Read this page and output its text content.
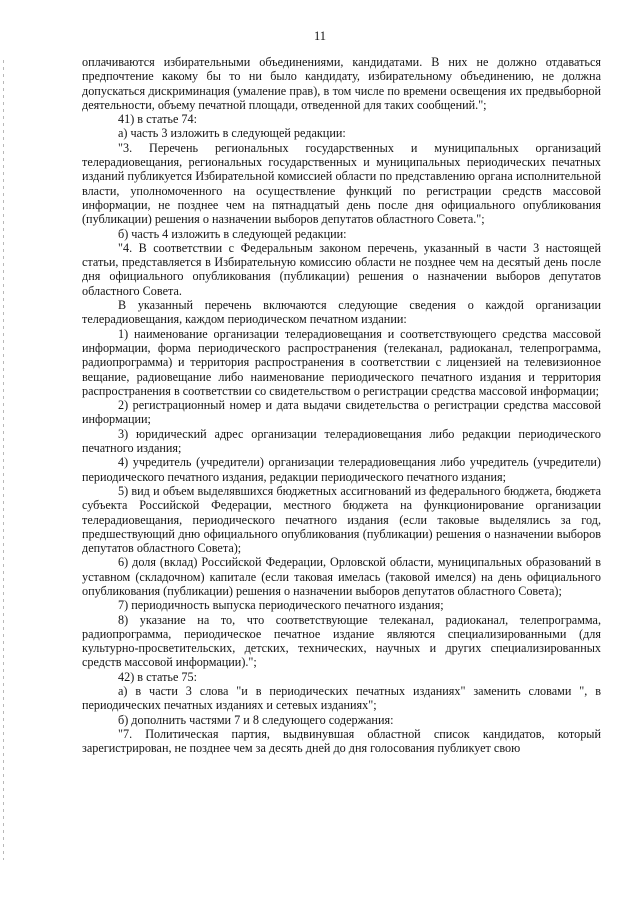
11

оплачиваются избирательными объединениями, кандидатами. В них не должно отдаваться предпочтение какому бы то ни было кандидату, избирательному объединению, не должна допускаться дискриминация (умаление прав), в том числе по времени освещения их предвыборной деятельности, объему печатной площади, отведенной для таких сообщений.";

41) в статье 74:

а) часть 3 изложить в следующей редакции:

"3. Перечень региональных государственных и муниципальных организаций телерадиовещания, региональных государственных и муниципальных периодических печатных изданий публикуется Избирательной комиссией области по представлению органа исполнительной власти, уполномоченного на осуществление функций по регистрации средств массовой информации, не позднее чем на пятнадцатый день после дня официального опубликования (публикации) решения о назначении выборов депутатов областного Совета.";

б) часть 4 изложить в следующей редакции:

"4. В соответствии с Федеральным законом перечень, указанный в части 3 настоящей статьи, представляется в Избирательную комиссию области не позднее чем на десятый день после дня официального опубликования (публикации) решения о назначении выборов депутатов областного Совета.

В указанный перечень включаются следующие сведения о каждой организации телерадиовещания, каждом периодическом печатном издании:

1) наименование организации телерадиовещания и соответствующего средства массовой информации, форма периодического распространения (телеканал, радиоканал, телепрограмма, радиопрограмма) и территория распространения в соответствии с лицензией на телевизионное вещание, радиовещание либо наименование периодического печатного издания и территория распространения в соответствии со свидетельством о регистрации средства массовой информации;

2) регистрационный номер и дата выдачи свидетельства о регистрации средства массовой информации;

3) юридический адрес организации телерадиовещания либо редакции периодического печатного издания;

4) учредитель (учредители) организации телерадиовещания либо учредитель (учредители) периодического печатного издания, редакции периодического печатного издания;

5) вид и объем выделявшихся бюджетных ассигнований из федерального бюджета, бюджета субъекта Российской Федерации, местного бюджета на функционирование организации телерадиовещания, периодического печатного издания (если таковые выделялись за год, предшествующий дню официального опубликования (публикации) решения о назначении выборов депутатов областного Совета);

6) доля (вклад) Российской Федерации, Орловской области, муниципальных образований в уставном (складочном) капитале (если таковая имелась (таковой имелся) на день официального опубликования (публикации) решения о назначении выборов депутатов областного Совета);

7) периодичность выпуска периодического печатного издания;

8) указание на то, что соответствующие телеканал, радиоканал, телепрограмма, радиопрограмма, периодическое печатное издание являются специализированными (для культурно-просветительских, детских, технических, научных и других специализированных средств массовой информации).";

42) в статье 75:

а) в части 3 слова "и в периодических печатных изданиях" заменить словами ", в периодических печатных изданиях и сетевых изданиях";

б) дополнить частями 7 и 8 следующего содержания:

"7. Политическая партия, выдвинувшая областной список кандидатов, который зарегистрирован, не позднее чем за десять дней до дня голосования публикует свою
